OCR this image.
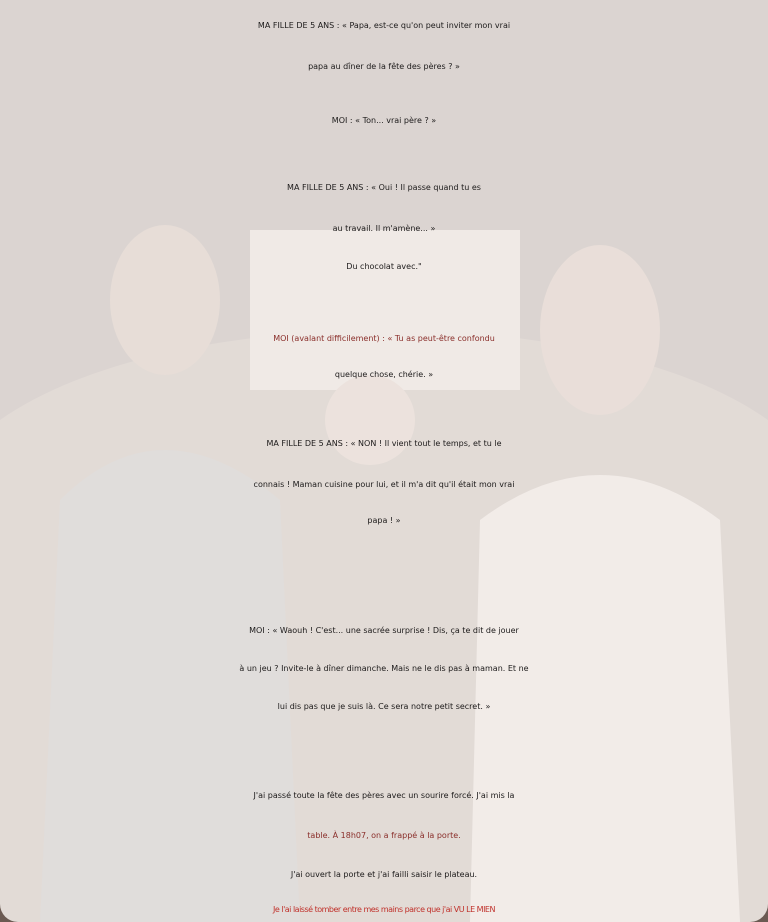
MA FILLE DE 5 ANS : « Papa, est-ce qu'on peut inviter mon vrai
papa au dîner de la fête des pères ? »
MOI : « Ton... vrai père ? »
MA FILLE DE 5 ANS : « Oui ! Il passe quand tu es
au travail. Il m'amène... »
Du chocolat avec."
MOI (avalant difficilement) : « Tu as peut-être confondu
quelque chose, chérie. »
MA FILLE DE 5 ANS : « NON ! Il vient tout le temps, et tu le
connais ! Maman cuisine pour lui, et il m'a dit qu'il était mon vrai
papa ! »
MOI : « Waouh ! C'est... une sacrée surprise ! Dis, ça te dit de jouer
à un jeu ? Invite-le à dîner dimanche. Mais ne le dis pas à maman. Et ne
lui dis pas que je suis là. Ce sera notre petit secret. »
J'ai passé toute la fête des pères avec un sourire forcé. J'ai mis la
table. À 18h07, on a frappé à la porte.
J'ai ouvert la porte et j'ai failli saisir le plateau.
Je l'ai laissé tomber entre mes mains parce que j'ai VU LE MIEN
